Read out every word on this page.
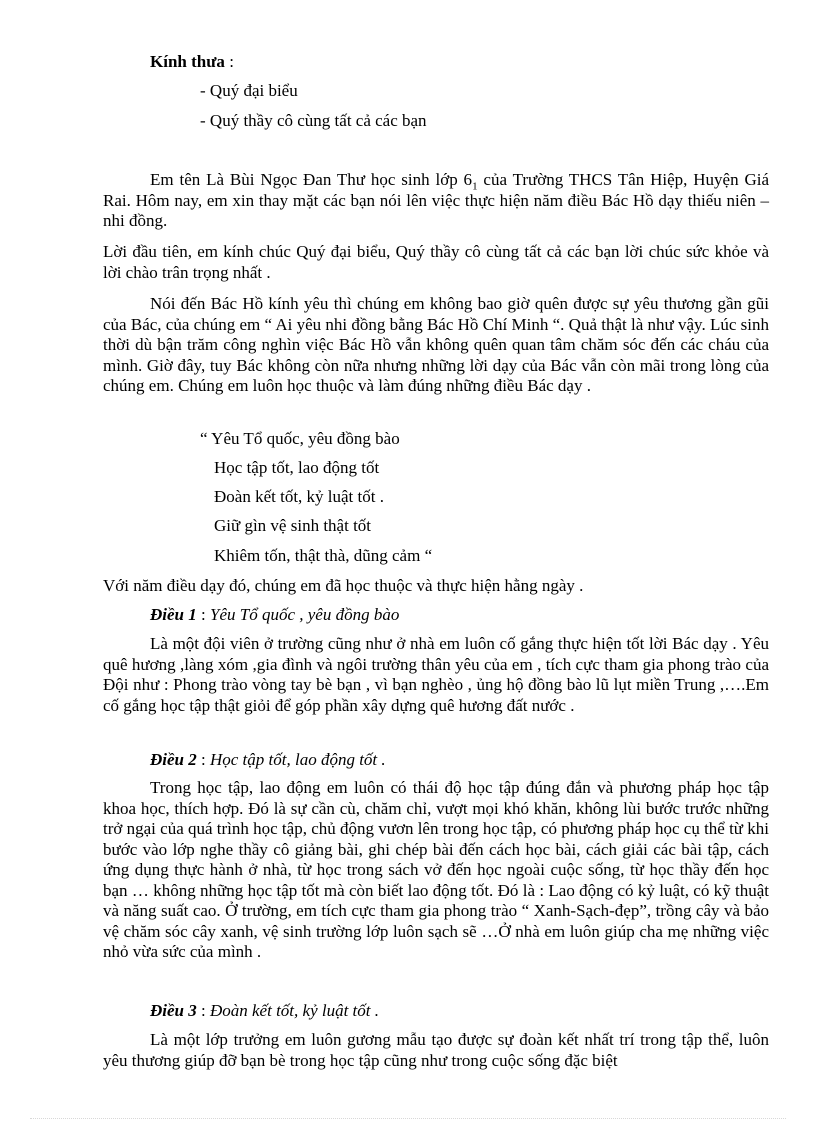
Kính thưa :
- Quý đại biểu
- Quý thầy cô cùng tất cả các bạn

Em tên Là Bùi Ngọc Đan Thư học sinh lớp $6_1$ của Trường THCS Tân Hiệp, Huyện Giá Rai. Hôm nay, em xin thay mặt các bạn nói lên việc thực hiện năm điều Bác Hồ dạy thiếu niên –nhi đồng.

Lời đầu tiên, em kính chúc Quý đại biểu, Quý thầy cô cùng tất cả các bạn lời chúc sức khỏe và lời chào trân trọng nhất .

Nói đến Bác Hồ kính yêu thì chúng em không bao giờ quên được sự yêu thương gần gũi của Bác, của chúng em “ Ai yêu nhi đồng bằng Bác Hồ Chí Minh “. Quả thật là như vậy. Lúc sinh thời dù bận trăm công nghìn việc Bác Hồ vẫn không quên quan tâm chăm sóc đến các cháu của mình. Giờ đây, tuy Bác không còn nữa nhưng những lời dạy của Bác vẫn còn mãi trong lòng của chúng em. Chúng em luôn học thuộc và làm đúng những điều Bác dạy .

“ Yêu Tổ quốc, yêu đồng bào
Học tập tốt, lao động tốt
Đoàn kết tốt, kỷ luật tốt .
Giữ gìn vệ sinh thật tốt
Khiêm tốn, thật thà, dũng cảm “
Với năm điều dạy đó, chúng em đã học thuộc và thực hiện hằng ngày .
Điều 1 : Yêu Tổ quốc , yêu đồng bào

Là một đội viên ở trường cũng như ở nhà em luôn cố gắng thực hiện tốt lời Bác dạy . Yêu quê hương ,làng xóm ,gia đình và ngôi trường thân yêu của em , tích cực tham gia phong trào của Đội như : Phong trào vòng tay bè bạn , vì bạn nghèo , ủng hộ đồng bào lũ lụt miền Trung ,….Em cố gắng học tập thật giỏi để góp phần xây dựng quê hương đất nước .

Điều 2 : Học tập tốt, lao động tốt .

Trong học tập, lao động em luôn có thái độ học tập đúng đắn và phương pháp học tập khoa học, thích hợp. Đó là sự cần cù, chăm chỉ, vượt mọi khó khăn, không lùi bước trước những trở ngại của quá trình học tập, chủ động vươn lên trong học tập, có phương pháp học cụ thể từ khi bước vào lớp nghe thầy cô giảng bài, ghi chép bài đến cách học bài, cách giải các bài tập, cách ứng dụng thực hành ở nhà, từ học trong sách vở đến học ngoài cuộc sống, từ học thầy đến học bạn … không những học tập tốt mà còn biết lao động tốt. Đó là : Lao động có kỷ luật, có kỹ thuật và năng suất cao. Ở trường, em tích cực tham gia phong trào “ Xanh-Sạch-đẹp”, trồng cây và bảo vệ chăm sóc cây xanh, vệ sinh trường lớp luôn sạch sẽ …Ở nhà em luôn giúp cha mẹ những việc nhỏ vừa sức của mình .

Điều 3 : Đoàn kết tốt, kỷ luật tốt .

Là một lớp trưởng em luôn gương mẫu tạo được sự đoàn kết nhất trí trong tập thể, luôn yêu thương giúp đỡ bạn bè trong học tập cũng như trong cuộc sống đặc biệt
